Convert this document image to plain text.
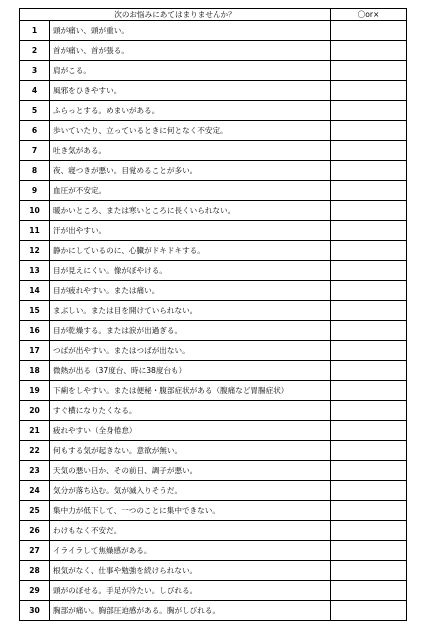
次のお悩みにあてはまりませんか？		〇or×
1	頭が痛い、頭が重い。	
2	首が痛い、首が張る。	
3	肩がこる。	
4	風邪をひきやすい。	
5	ふらっとする。めまいがある。	
6	歩いていたり、立っているときに何となく不安定。	
7	吐き気がある。	
8	夜、寝つきが悪い。目覚めることが多い。	
9	血圧が不安定。	
10	暖かいところ、または寒いところに長くいられない。	
11	汗が出やすい。	
12	静かにしているのに、心臓がドキドキする。	
13	目が見えにくい。像がぼやける。	
14	目が疲れやすい。または痛い。	
15	まぶしい。または目を開けていられない。	
16	目が乾燥する。または涙が出過ぎる。	
17	つばが出やすい。またはつばが出ない。	
18	微熱が出る（37度台、時に38度台も）	
19	下痢をしやすい。または便秘・腹部症状がある（腹痛など胃腸症状）	
20	すぐ横になりたくなる。	
21	疲れやすい（全身倦怠）	
22	何もする気が起きない。意欲が無い。	
23	天気の悪い日か、その前日、調子が悪い。	
24	気分が落ち込む。気が滅入りそうだ。	
25	集中力が低下して、一つのことに集中できない。	
26	わけもなく不安だ。	
27	イライラして焦燥感がある。	
28	根気がなく、仕事や勉強を続けられない。	
29	頭がのぼせる。手足が冷たい。しびれる。	
30	胸部が痛い。胸部圧迫感がある。胸がしびれる。	
